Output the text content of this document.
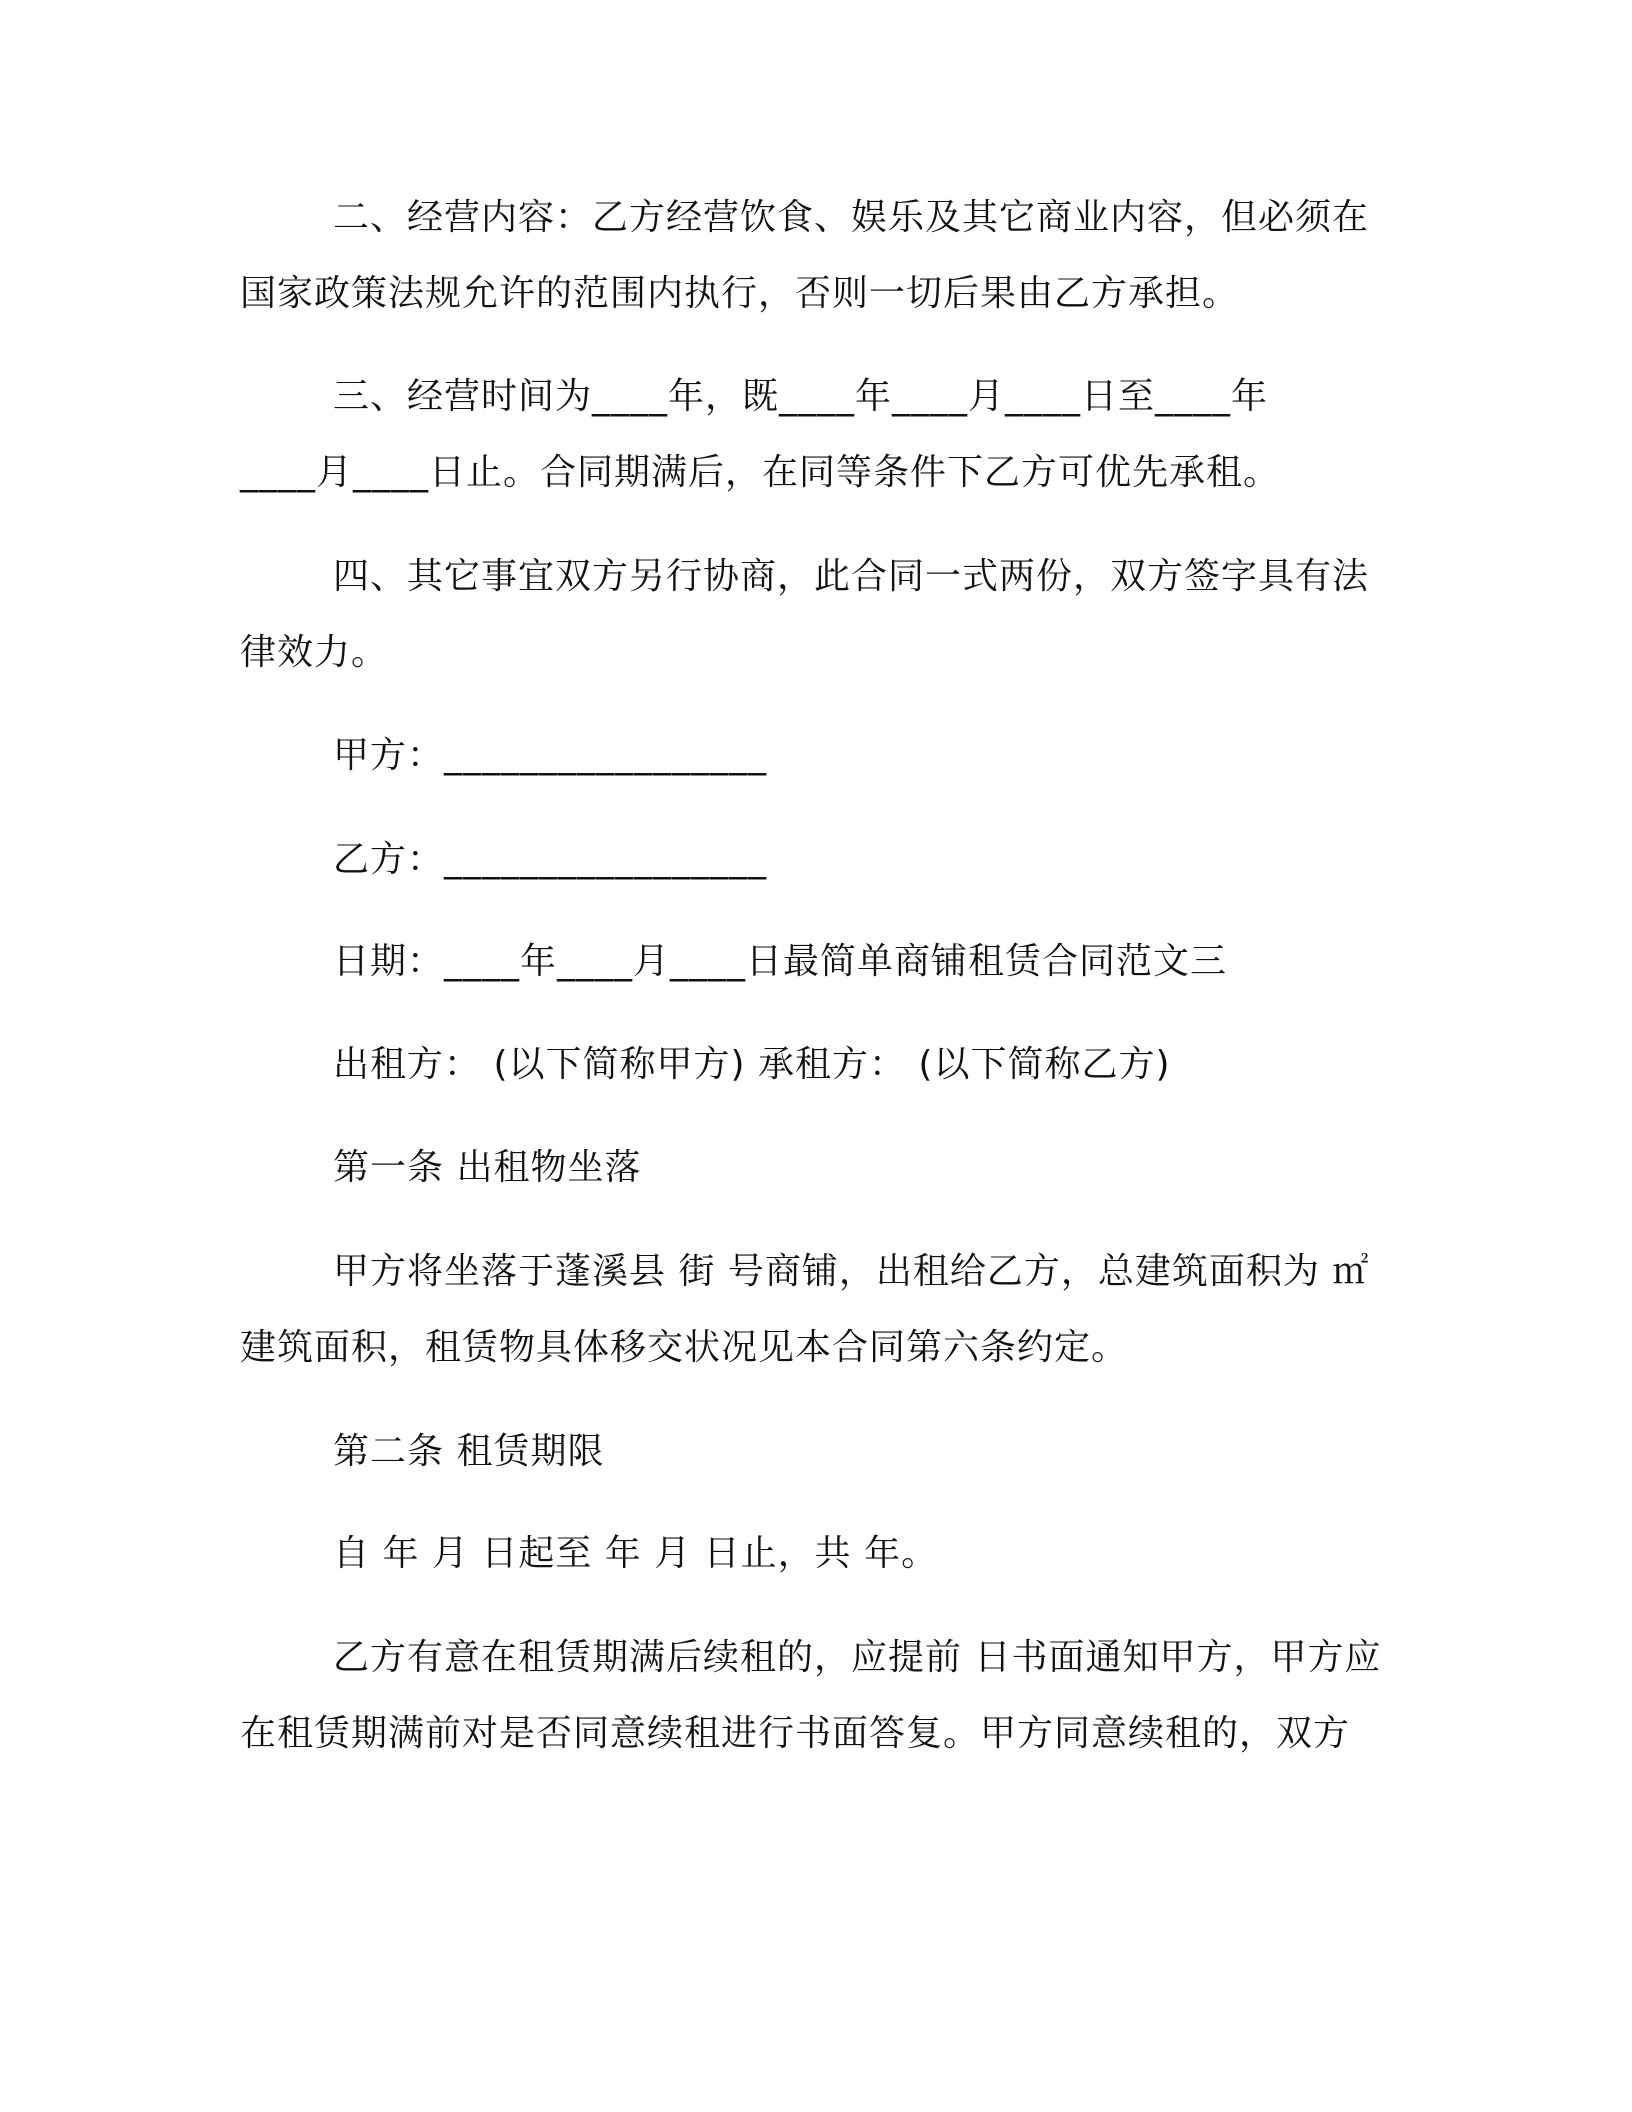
二、经营内容：乙方经营饮食、娱乐及其它商业内容，但必须在
国家政策法规允许的范围内执行，否则一切后果由乙方承担。
三、经营时间为____年，既____年____月____日至____年
____月____日止。合同期满后，在同等条件下乙方可优先承租。
四、其它事宜双方另行协商，此合同一式两份，双方签字具有法
律效力。
甲方：_________________
乙方：_________________
日期：____年____月____日最简单商铺租赁合同范文三
出租方： (以下简称甲方) 承租方： (以下简称乙方)
第一条 出租物坐落
甲方将坐落于蓬溪县 街 号商铺，出租给乙方，总建筑面积为 ㎡
建筑面积，租赁物具体移交状况见本合同第六条约定。
第二条 租赁期限
自 年 月 日起至 年 月 日止，共 年。
乙方有意在租赁期满后续租的，应提前 日书面通知甲方，甲方应
在租赁期满前对是否同意续租进行书面答复。甲方同意续租的，双方
